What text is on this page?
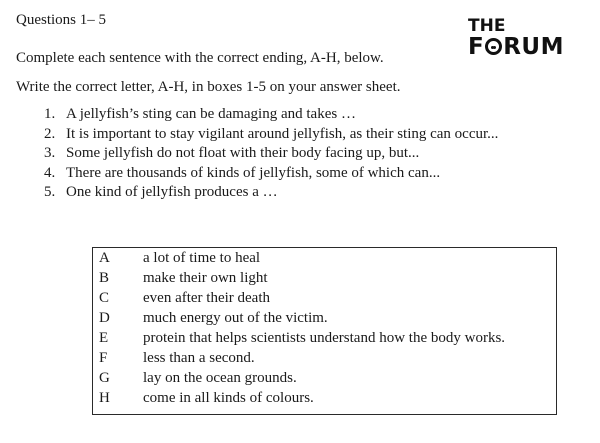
Questions 1– 5	THE
F RUM
Complete each sentence with the correct ending, A-H, below.
Write the correct letter, A-H, in boxes 1-5 on your answer sheet.
1. A jellyfish’s sting can be damaging and takes …
2. It is important to stay vigilant around jellyfish, as their sting can occur...
3. Some jellyfish do not float with their body facing up, but...
4. There are thousands of kinds of jellyfish, some of which can...
5. One kind of jellyfish produces a …
A a lot of time to heal
B make their own light
C even after their death
D much energy out of the victim.
E protein that helps scientists understand how the body works.
F less than a second.
G lay on the ocean grounds.
H come in all kinds of colours.
